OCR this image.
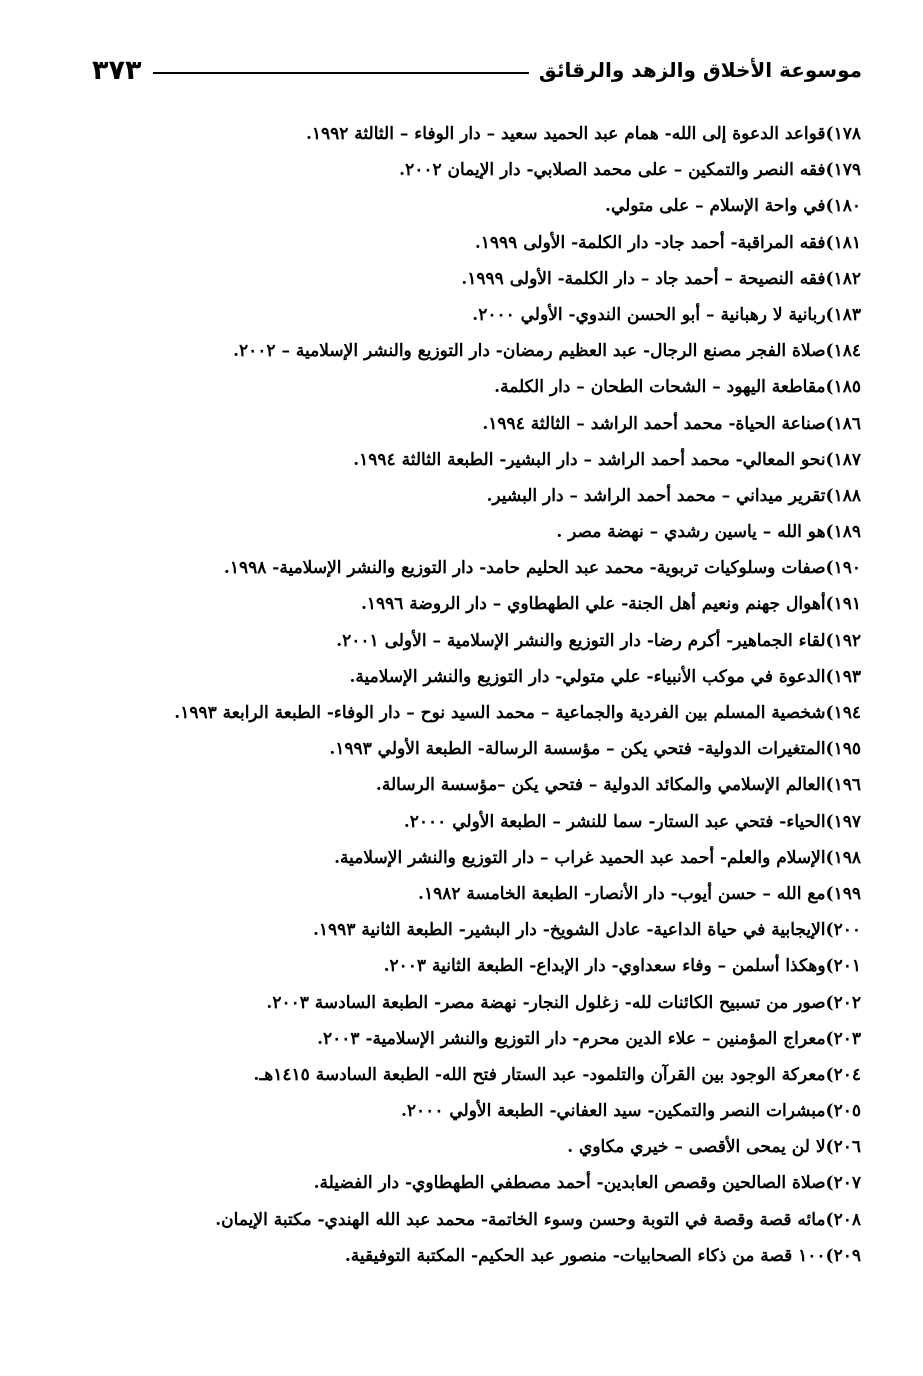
موسوعة الأخلاق والزهد والرقائق
٣٧٣
١٧٨)قواعد الدعوة إلى الله- همام عبد الحميد سعيد – دار الوفاء – الثالثة ١٩٩٢.
١٧٩)فقه النصر والتمكين – على محمد الصلابي- دار الإيمان ٢٠٠٢.
١٨٠)في واحة الإسلام – على متولي.
١٨١)فقه المراقبة- أحمد جاد- دار الكلمة- الأولى ١٩٩٩.
١٨٢)فقه النصيحة – أحمد جاد – دار الكلمة- الأولى ١٩٩٩.
١٨٣)ربانية لا رهبانية – أبو الحسن الندوي- الأولي ٢٠٠٠.
١٨٤)صلاة الفجر مصنع الرجال- عبد العظيم رمضان- دار التوزيع والنشر الإسلامية – ٢٠٠٢.
١٨٥)مقاطعة اليهود – الشحات الطحان – دار الكلمة.
١٨٦)صناعة الحياة- محمد أحمد الراشد – الثالثة ١٩٩٤.
١٨٧)نحو المعالي- محمد أحمد الراشد – دار البشير- الطبعة الثالثة ١٩٩٤.
١٨٨)تقرير ميداني – محمد أحمد الراشد – دار البشير.
١٨٩)هو الله – ياسين رشدي – نهضة مصر .
١٩٠)صفات وسلوكيات تربوية- محمد عبد الحليم حامد- دار التوزيع والنشر الإسلامية- ١٩٩٨.
١٩١)أهوال جهنم ونعيم أهل الجنة- علي الطهطاوي – دار الروضة ١٩٩٦.
١٩٢)لقاء الجماهير- أكرم رضا- دار التوزيع والنشر الإسلامية – الأولى ٢٠٠١.
١٩٣)الدعوة في موكب الأنبياء- علي متولي- دار التوزيع والنشر الإسلامية.
١٩٤)شخصية المسلم بين الفردية والجماعية – محمد السيد نوح – دار الوفاء- الطبعة الرابعة ١٩٩٣.
١٩٥)المتغيرات الدولية- فتحي يكن – مؤسسة الرسالة- الطبعة الأولي ١٩٩٣.
١٩٦)العالم الإسلامي والمكائد الدولية – فتحي يكن –مؤسسة الرسالة.
١٩٧)الحياء- فتحي عبد الستار- سما للنشر – الطبعة الأولي ٢٠٠٠.
١٩٨)الإسلام والعلم- أحمد عبد الحميد غراب – دار التوزيع والنشر الإسلامية.
١٩٩)مع الله – حسن أيوب- دار الأنصار- الطبعة الخامسة ١٩٨٢.
٢٠٠)الإيجابية في حياة الداعية- عادل الشويخ- دار البشير- الطبعة الثانية ١٩٩٣.
٢٠١)وهكذا أسلمن – وفاء سعداوي- دار الإبداع- الطبعة الثانية ٢٠٠٣.
٢٠٢)صور من تسبيح الكائنات لله- زغلول النجار- نهضة مصر- الطبعة السادسة ٢٠٠٣.
٢٠٣)معراج المؤمنين – علاء الدين محرم- دار التوزيع والنشر الإسلامية- ٢٠٠٣.
٢٠٤)معركة الوجود بين القرآن والتلمود- عبد الستار فتح الله- الطبعة السادسة ١٤١٥هـ.
٢٠٥)مبشرات النصر والتمكين- سيد العفاني- الطبعة الأولي ٢٠٠٠.
٢٠٦)لا لن يمحى الأقصى – خيري مكاوي .
٢٠٧)صلاة الصالحين وقصص العابدين- أحمد مصطفي الطهطاوي- دار الفضيلة.
٢٠٨)مائه قصة وقصة في التوبة وحسن وسوء الخاتمة- محمد عبد الله الهندي- مكتبة الإيمان.
٢٠٩)١٠٠ قصة من ذكاء الصحابيات- منصور عبد الحكيم- المكتبة التوفيقية.
